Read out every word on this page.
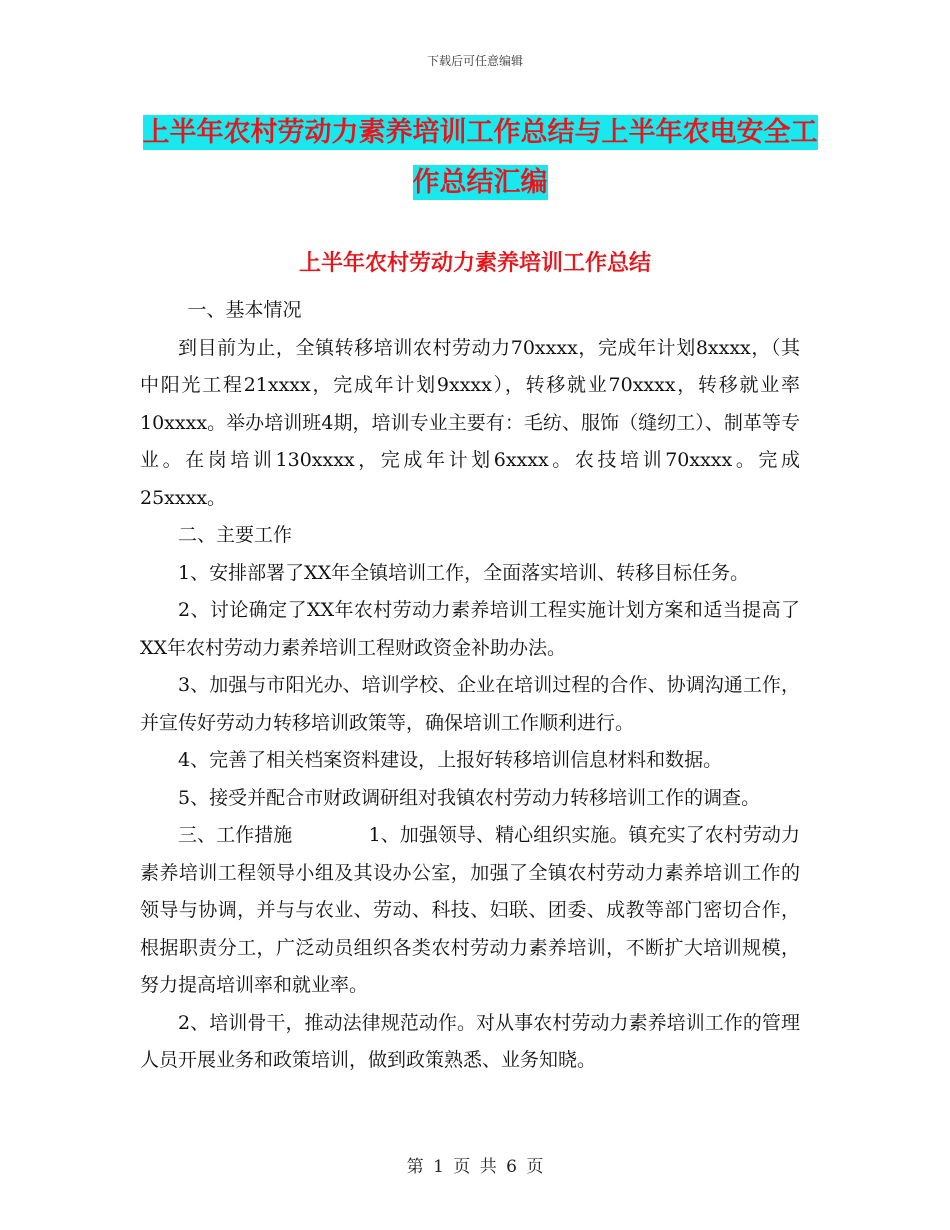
下载后可任意编辑
上半年农村劳动力素养培训工作总结与上半年农电安全工作总结汇编
上半年农村劳动力素养培训工作总结

一、基本情况

到目前为止，全镇转移培训农村劳动力70xxxx，完成年计划8xxxx，（其中阳光工程21xxxx，完成年计划9xxxx），转移就业70xxxx，转移就业率10xxxx。举办培训班4期，培训专业主要有：毛纺、服饰（缝纫工）、制革等专业。在岗培训130xxxx，完成年计划6xxxx。农技培训70xxxx。完成25xxxx。

二、主要工作

1、安排部署了XX年全镇培训工作，全面落实培训、转移目标任务。

2、讨论确定了XX年农村劳动力素养培训工程实施计划方案和适当提高了XX年农村劳动力素养培训工程财政资金补助办法。

3、加强与市阳光办、培训学校、企业在培训过程的合作、协调沟通工作，并宣传好劳动力转移培训政策等，确保培训工作顺利进行。

4、完善了相关档案资料建设，上报好转移培训信息材料和数据。

5、接受并配合市财政调研组对我镇农村劳动力转移培训工作的调查。

三、工作措施　　　　1、加强领导、精心组织实施。镇充实了农村劳动力素养培训工程领导小组及其设办公室，加强了全镇农村劳动力素养培训工作的领导与协调，并与与农业、劳动、科技、妇联、团委、成教等部门密切合作，根据职责分工，广泛动员组织各类农村劳动力素养培训，不断扩大培训规模，努力提高培训率和就业率。

2、培训骨干，推动法律规范动作。对从事农村劳动力素养培训工作的管理人员开展业务和政策培训，做到政策熟悉、业务知晓。

第 1 页 共 6 页
